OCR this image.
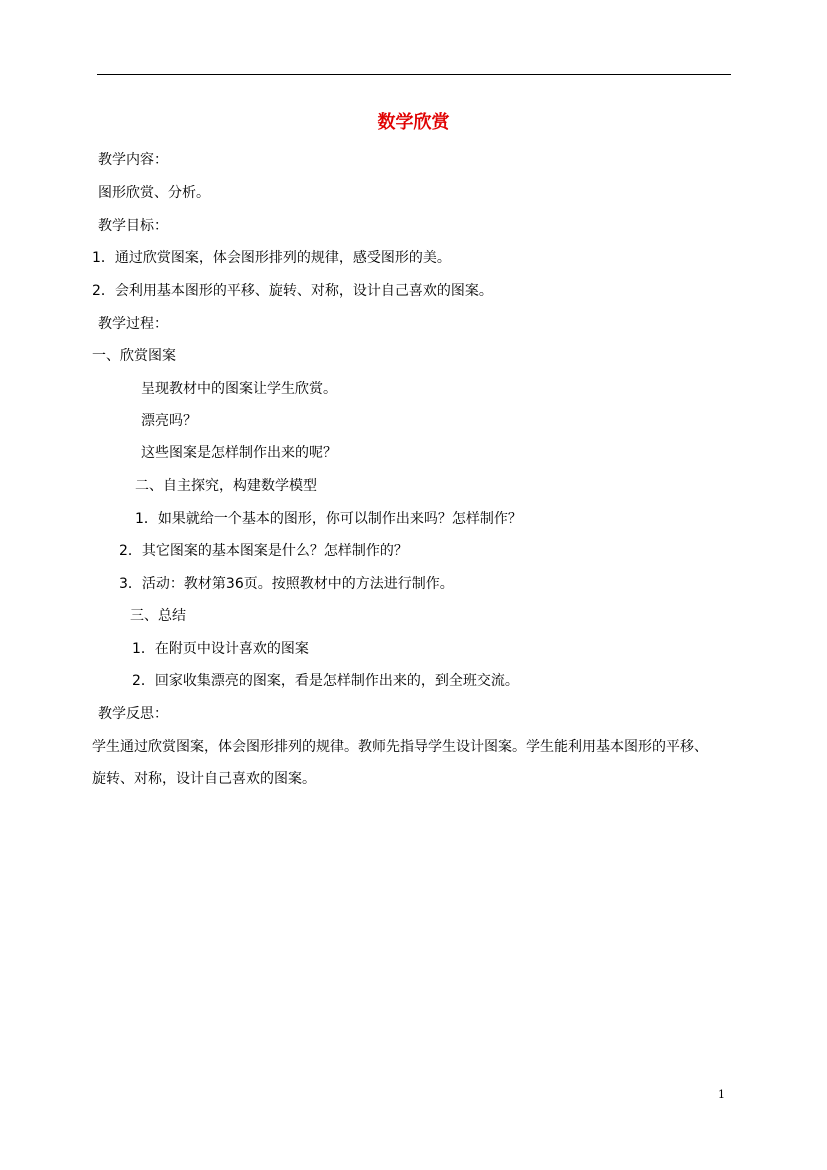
数学欣赏
教学内容：
图形欣赏、分析。
教学目标：
1．通过欣赏图案，体会图形排列的规律，感受图形的美。
2．会利用基本图形的平移、旋转、对称，设计自己喜欢的图案。
教学过程：
一、欣赏图案
呈现教材中的图案让学生欣赏。
漂亮吗？
这些图案是怎样制作出来的呢？
二、自主探究，构建数学模型
1．如果就给一个基本的图形，你可以制作出来吗？怎样制作？
2．其它图案的基本图案是什么？怎样制作的？
3．活动：教材第36页。按照教材中的方法进行制作。
三、总结
1．在附页中设计喜欢的图案
2．回家收集漂亮的图案，看是怎样制作出来的，到全班交流。
教学反思：
学生通过欣赏图案，体会图形排列的规律。教师先指导学生设计图案。学生能利用基本图形的平移、
旋转、对称，设计自己喜欢的图案。
1
